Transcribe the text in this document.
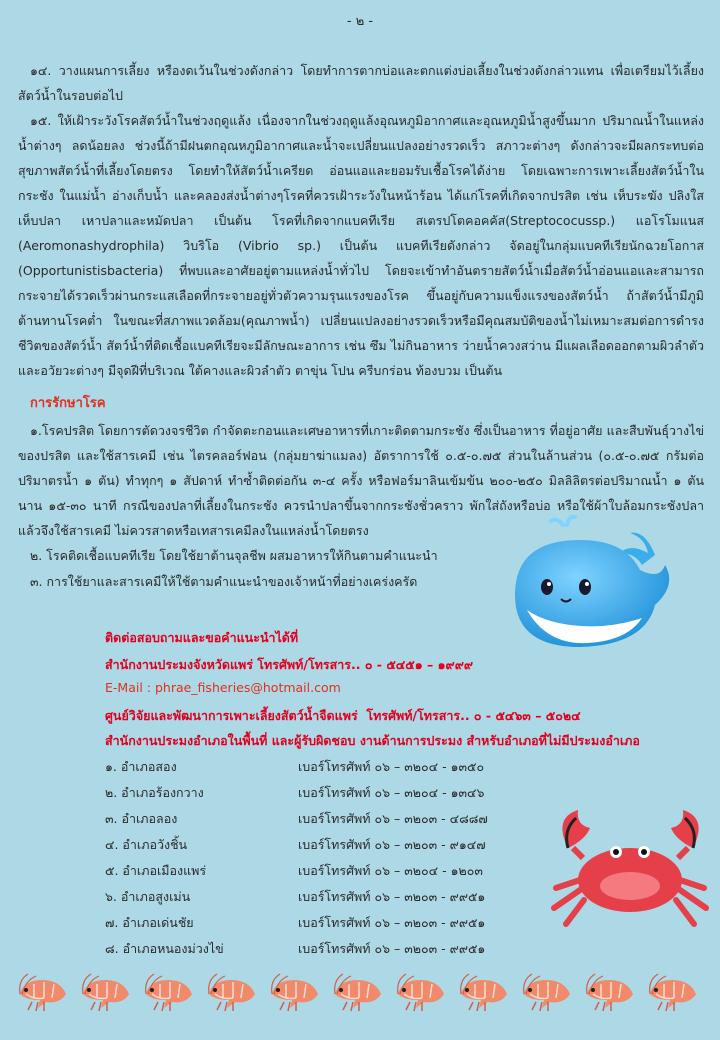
- ๒ -

๑๔. วางแผนการเลี้ยง หรืองดเว้นในช่วงดังกล่าว โดยทำการตากบ่อและตกแต่งบ่อเลี้ยงในช่วงดังกล่าวแทน เพื่อเตรียมไว้เลี้ยงสัตว์น้ำในรอบต่อไป

๑๕. ให้เฝ้าระวังโรคสัตว์น้ำในช่วงฤดูแล้ง เนื่องจากในช่วงฤดูแล้งอุณหภูมิอากาศและอุณหภูมิน้ำสูงขึ้นมาก ปริมาณน้ำในแหล่งน้ำต่างๆ ลดน้อยลง ช่วงนี้ถ้ามีฝนตกอุณหภูมิอากาศและน้ำจะเปลี่ยนแปลงอย่างรวดเร็ว สภาวะต่างๆ ดังกล่าวจะมีผลกระทบต่อสุขภาพสัตว์น้ำที่เลี้ยงโดยตรง โดยทำให้สัตว์น้ำเครียด อ่อนแอและยอมรับเชื้อโรคได้ง่าย โดยเฉพาะการเพาะเลี้ยงสัตว์น้ำในกระชัง ในแม่น้ำ อ่างเก็บน้ำ และคลองส่งน้ำต่างๆโรคที่ควรเฝ้าระวังในหน้าร้อน ได้แก่โรคที่เกิดจากปรสิต เช่น เห็บระฆัง ปลิงใส เห็บปลา เหาปลาและหมัดปลา เป็นต้น โรคที่เกิดจากแบคทีเรีย สเตรปโตคอคคัส(Streptococussp.) แอโรโมแนส (Aeromonashydrophila) วิบริโอ (Vibrio sp.) เป็นต้น แบคทีเรียดังกล่าว จัดอยู่ในกลุ่มแบคทีเรียนักฉวยโอกาส (Opportunistisbacteria) ที่พบและอาศัยอยู่ตามแหล่งน้ำทั่วไป โดยจะเข้าทำอันตรายสัตว์น้ำเมื่อสัตว์น้ำอ่อนแอและสามารถกระจายได้รวดเร็วผ่านกระแสเลือดที่กระจายอยู่ทั่วตัวความรุนแรงของโรค ขึ้นอยู่กับความแข็งแรงของสัตว์น้ำ ถ้าสัตว์น้ำมีภูมิต้านทานโรคต่ำ ในขณะที่สภาพแวดล้อม(คุณภาพน้ำ) เปลี่ยนแปลงอย่างรวดเร็วหรือมีคุณสมบัติของน้ำไม่เหมาะสมต่อการดำรงชีวิตของสัตว์น้ำ สัตว์น้ำที่ติดเชื้อแบคทีเรียจะมีลักษณะอาการ เช่น ซึม ไม่กินอาหาร ว่ายน้ำควงสว่าน มีแผลเลือดออกตามผิวลำตัวและอวัยวะต่างๆ มีจุดฝีที่บริเวณ ใต้คางและผิวลำตัว ตาขุ่น โปน ครีบกร่อน ท้องบวม เป็นต้น

การรักษาโรค

๑.โรคปรสิต โดยการตัดวงจรชีวิต กำจัดตะกอนและเศษอาหารที่เกาะติดตามกระชัง ซึ่งเป็นอาหาร ที่อยู่อาศัย และสืบพันธุ์วางไข่ของปรสิต และใช้สารเคมี เช่น ไตรคลอร์ฟอน (กลุ่มยาฆ่าแมลง) อัตราการใช้ ๐.๕-๐.๗๕ ส่วนในล้านส่วน (๐.๕-๐.๗๕ กรัมต่อปริมาตรน้ำ ๑ ตัน) ทำทุกๆ ๑ สัปดาห์ ทำซ้ำติดต่อกัน ๓-๔ ครั้ง หรือฟอร์มาลินเข้มข้น ๒๐๐-๒๕๐ มิลลิลิตรต่อปริมาณน้ำ ๑ ตัน นาน ๑๕-๓๐ นาที กรณีของปลาที่เลี้ยงในกระชัง ควรนำปลาขึ้นจากกระชังชั่วคราว พักใส่ถังหรือบ่อ หรือใช้ผ้าใบล้อมกระชังปลา แล้วจึงใช้สารเคมี ไม่ควรสาดหรือเทสารเคมีลงในแหล่งน้ำโดยตรง

๒. โรคติดเชื้อแบคทีเรีย โดยใช้ยาต้านจุลชีพ ผสมอาหารให้กินตามคำแนะนำ
๓. การใช้ยาและสารเคมีให้ใช้ตามคำแนะนำของเจ้าหน้าที่อย่างเคร่งครัด
ติดต่อสอบถามและขอคำแนะนำได้ที่
สำนักงานประมงจังหวัดแพร่ โทรศัพท์/โทรสาร.. ๐ - ๕๔๕๑ – ๑๙๙๙
E-Mail : phrae_fisheries@hotmail.com
ศูนย์วิจัยและพัฒนาการเพาะเลี้ยงสัตว์น้ำจืดแพร่ โทรศัพท์/โทรสาร.. ๐ - ๕๔๖๓ – ๕๐๒๔
สำนักงานประมงอำเภอในพื้นที่ และผู้รับผิดชอบ งานด้านการประมง สำหรับอำเภอที่ไม่มีประมงอำเภอ
๑. อำเภอสอง	เบอร์โทรศัพท์ ๐๖ – ๓๒๐๔ - ๑๓๕๐
๒. อำเภอร้องกวาง	เบอร์โทรศัพท์ ๐๖ – ๓๒๐๔ - ๑๓๔๖
๓. อำเภอลอง	เบอร์โทรศัพท์ ๐๖ – ๓๒๐๓ - ๔๘๘๗
๔. อำเภอวังชิ้น	เบอร์โทรศัพท์ ๐๖ – ๓๒๐๓ - ๙๑๔๗
๕. อำเภอเมืองแพร่	เบอร์โทรศัพท์ ๐๖ – ๓๒๐๔ - ๑๒๐๓
๖. อำเภอสูงเม่น	เบอร์โทรศัพท์ ๐๖ – ๓๒๐๓ - ๙๙๕๑
๗. อำเภอเด่นชัย	เบอร์โทรศัพท์ ๐๖ – ๓๒๐๓ - ๙๙๕๑
๘. อำเภอหนองม่วงไข่	เบอร์โทรศัพท์ ๐๖ – ๓๒๐๓ - ๙๙๕๑
